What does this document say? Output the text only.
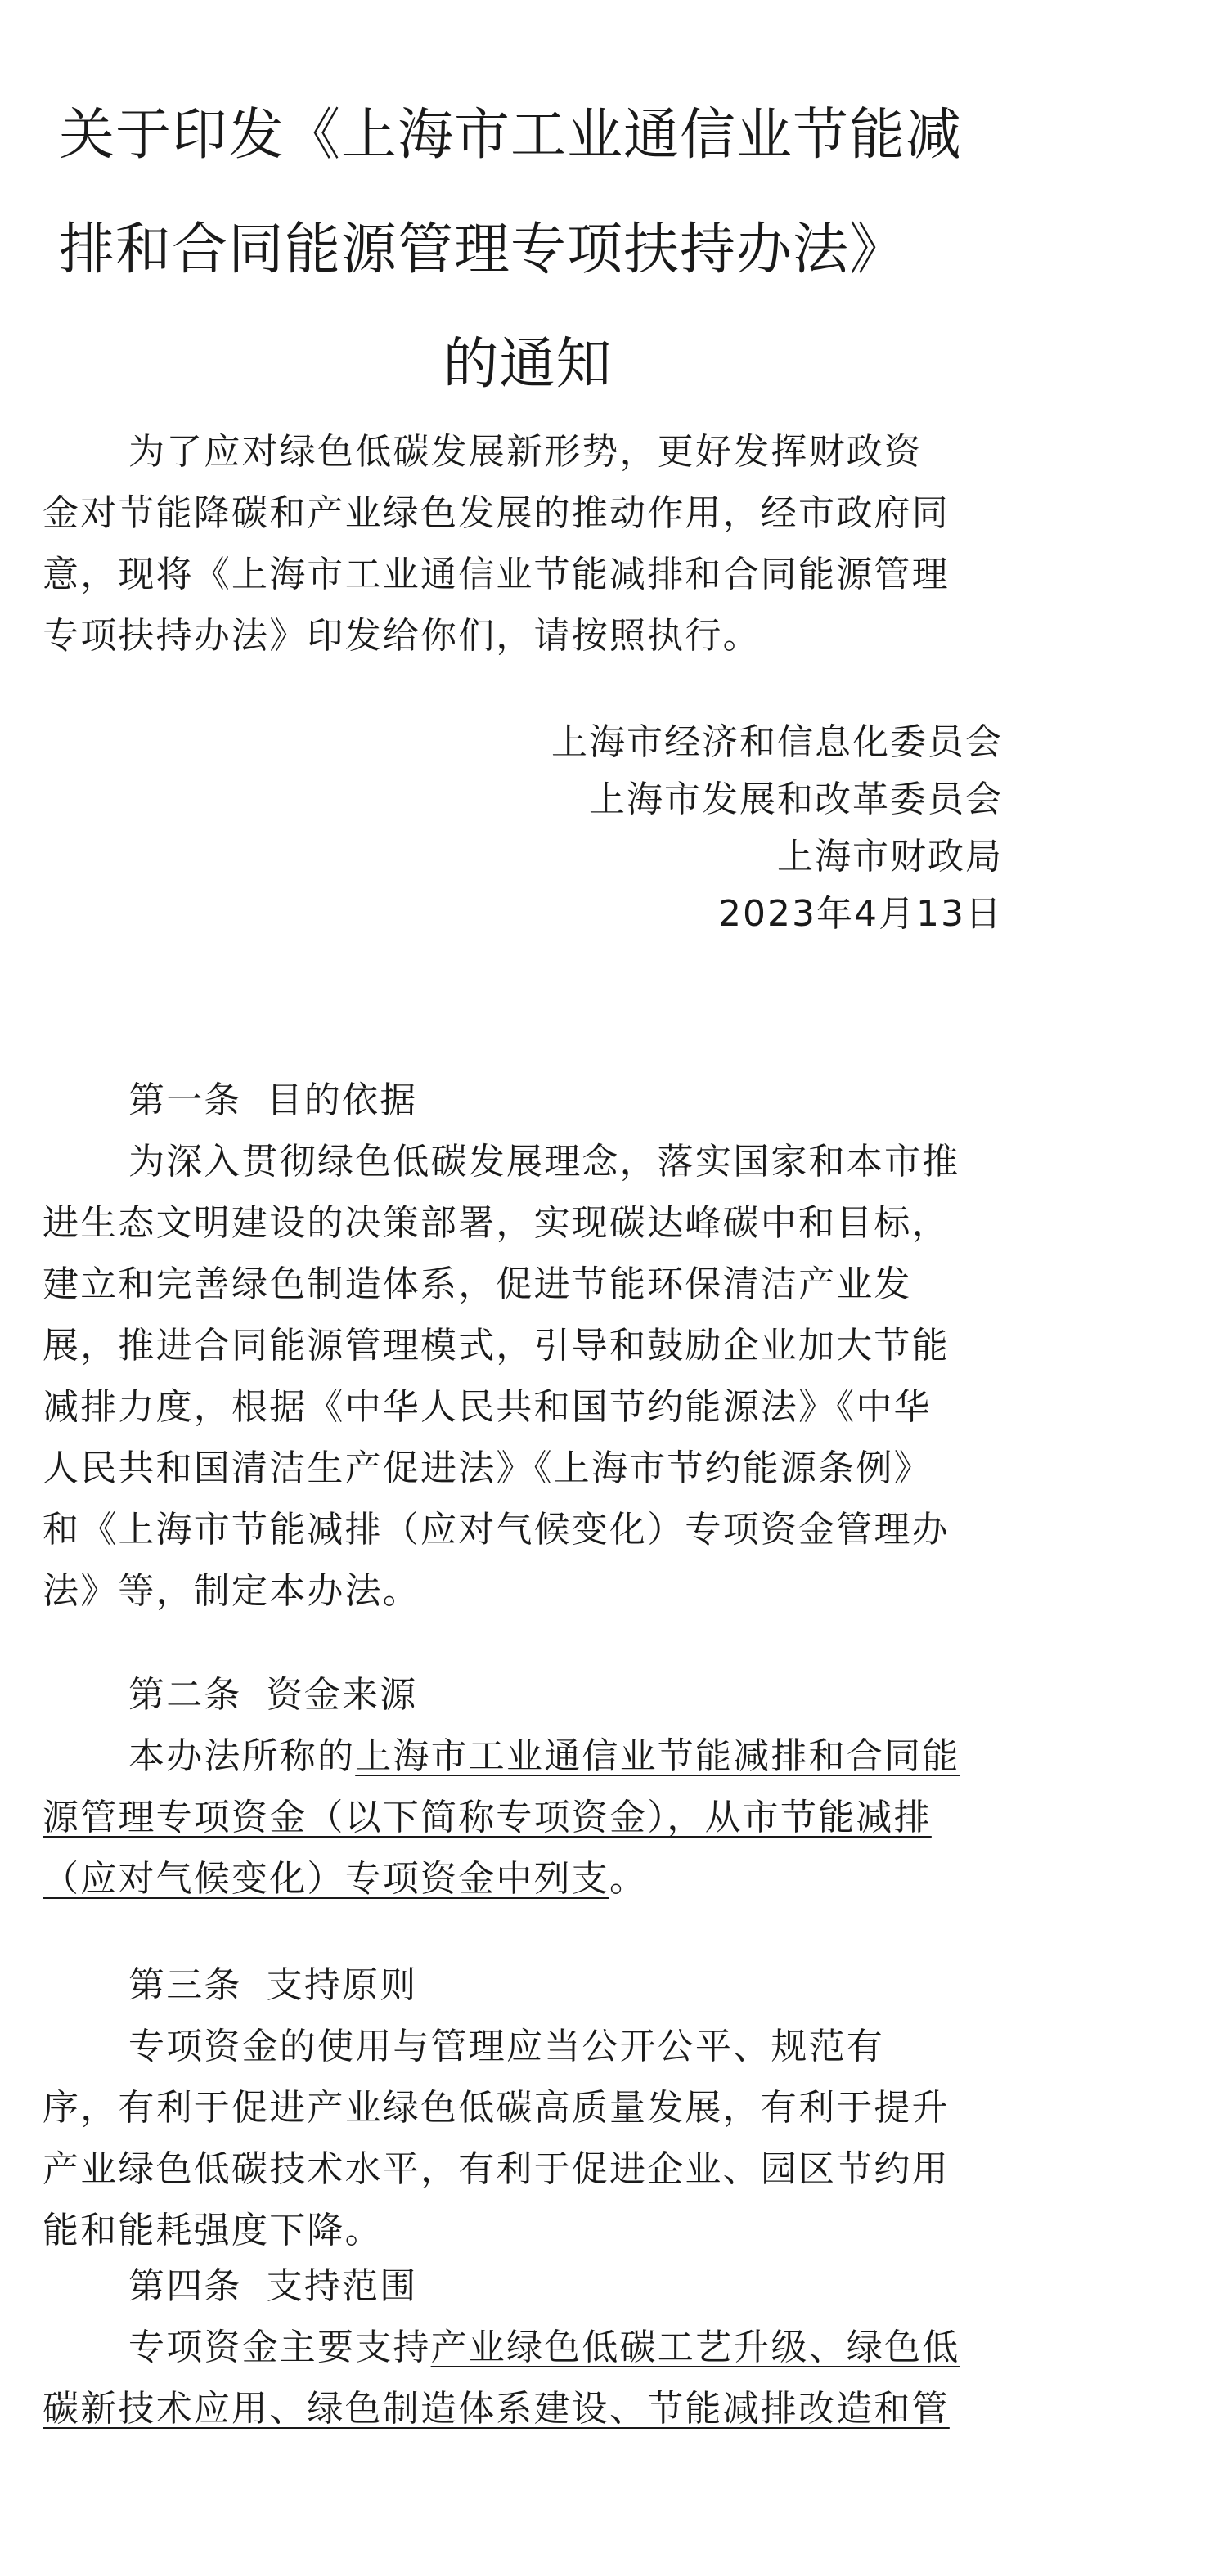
关于印发《上海市工业通信业节能减
排和合同能源管理专项扶持办法》
的通知
为了应对绿色低碳发展新形势，更好发挥财政资
金对节能降碳和产业绿色发展的推动作用，经市政府同
意，现将《上海市工业通信业节能减排和合同能源管理
专项扶持办法》印发给你们，请按照执行。
上海市经济和信息化委员会
上海市发展和改革委员会
上海市财政局
2023年4月13日
第一条 目的依据
为深入贯彻绿色低碳发展理念，落实国家和本市推
进生态文明建设的决策部署，实现碳达峰碳中和目标，
建立和完善绿色制造体系，促进节能环保清洁产业发
展，推进合同能源管理模式，引导和鼓励企业加大节能
减排力度，根据《中华人民共和国节约能源法》《中华
人民共和国清洁生产促进法》《上海市节约能源条例》
和《上海市节能减排（应对气候变化）专项资金管理办
法》等，制定本办法。
第二条 资金来源
本办法所称的上海市工业通信业节能减排和合同能
源管理专项资金（以下简称专项资金），从市节能减排
（应对气候变化）专项资金中列支。
第三条 支持原则
专项资金的使用与管理应当公开公平、规范有
序，有利于促进产业绿色低碳高质量发展，有利于提升
产业绿色低碳技术水平，有利于促进企业、园区节约用
能和能耗强度下降。
第四条 支持范围
专项资金主要支持产业绿色低碳工艺升级、绿色低
碳新技术应用、绿色制造体系建设、节能减排改造和管
